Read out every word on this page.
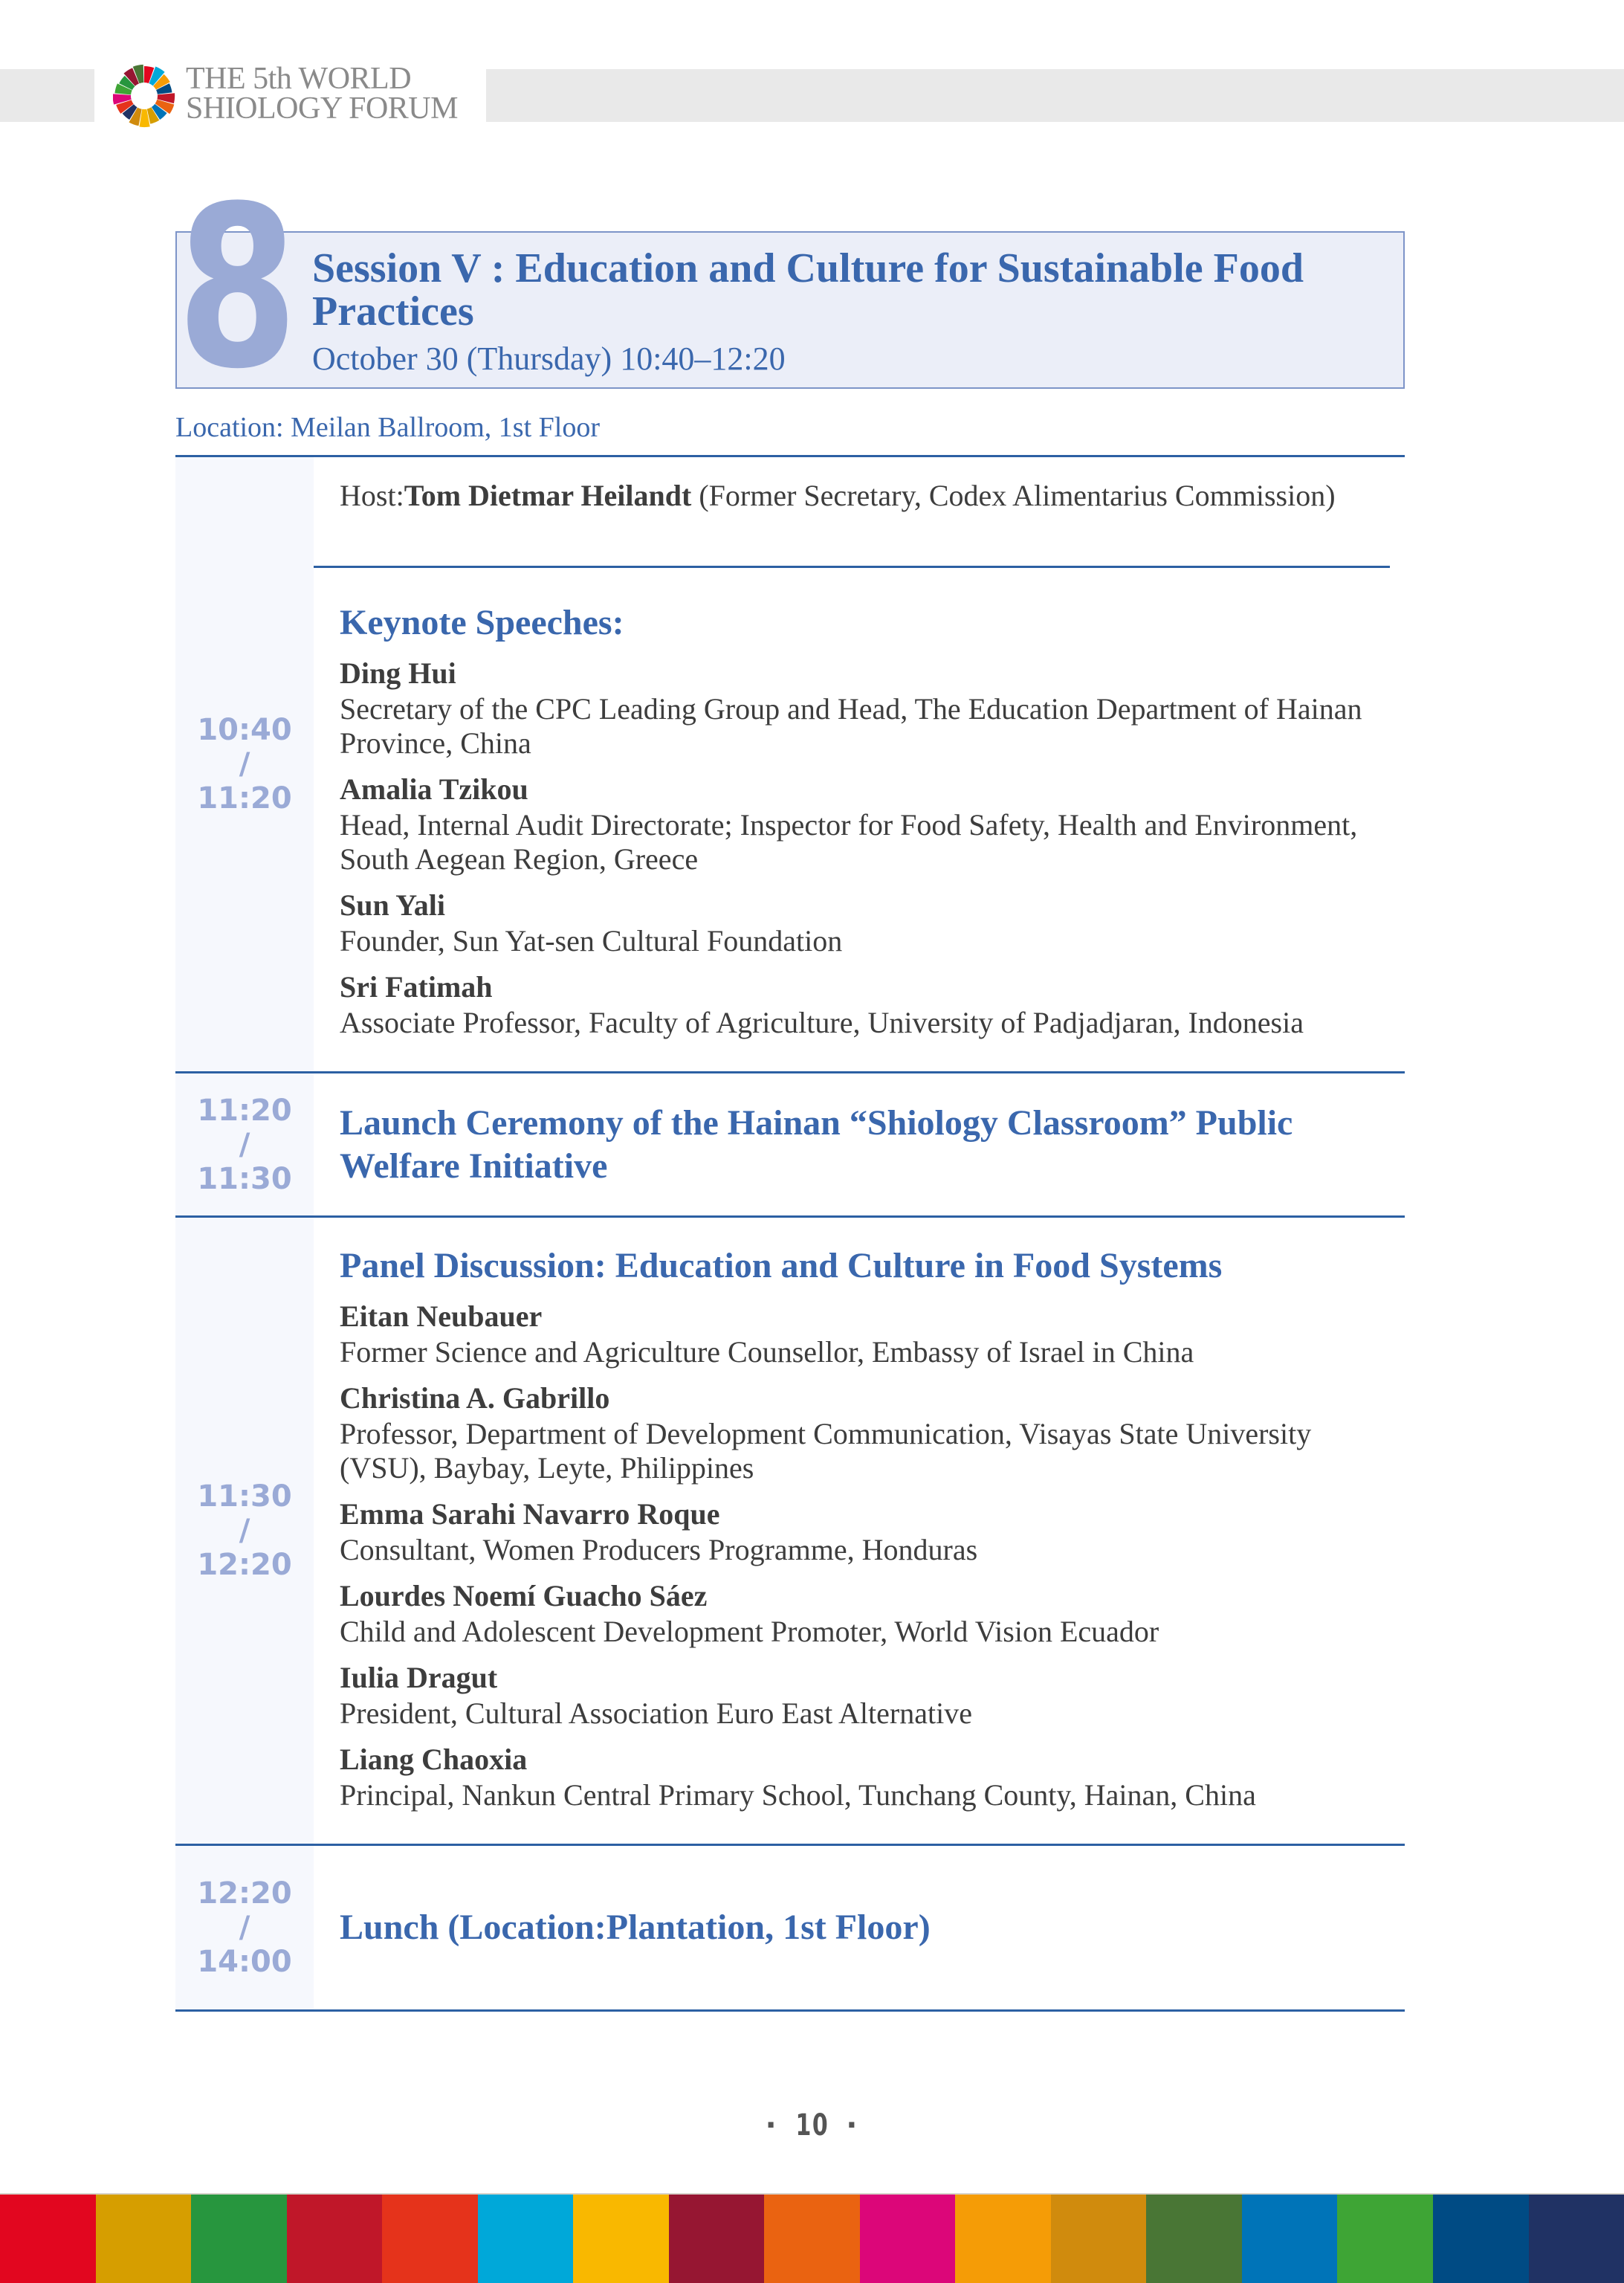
THE 5th WORLD
SHIOLOGY FORUM
8 Session V : Education and Culture for Sustainable Food Practices
October 30 (Thursday) 10:40–12:20
Location: Meilan Ballroom, 1st Floor
10:40
/
11:20
Host:Tom Dietmar Heilandt (Former Secretary, Codex Alimentarius Commission)
Keynote Speeches:
Ding Hui
Secretary of the CPC Leading Group and Head, The Education Department of Hainan Province, China
Amalia Tzikou
Head, Internal Audit Directorate; Inspector for Food Safety, Health and Environment, South Aegean Region, Greece
Sun Yali
Founder, Sun Yat-sen Cultural Foundation
Sri Fatimah
Associate Professor, Faculty of Agriculture, University of Padjadjaran, Indonesia
11:20
/
11:30
Launch Ceremony of the Hainan “Shiology Classroom” Public Welfare Initiative
11:30
/
12:20
Panel Discussion: Education and Culture in Food Systems
Eitan Neubauer
Former Science and Agriculture Counsellor, Embassy of Israel in China
Christina A. Gabrillo
Professor, Department of Development Communication, Visayas State University (VSU), Baybay, Leyte, Philippines
Emma Sarahi Navarro Roque
Consultant, Women Producers Programme, Honduras
Lourdes Noemí Guacho Sáez
Child and Adolescent Development Promoter, World Vision Ecuador
Iulia Dragut
President, Cultural Association Euro East Alternative
Liang Chaoxia
Principal, Nankun Central Primary School, Tunchang County, Hainan, China
12:20
/
14:00
Lunch (Location:Plantation, 1st Floor)
· 10 ·
